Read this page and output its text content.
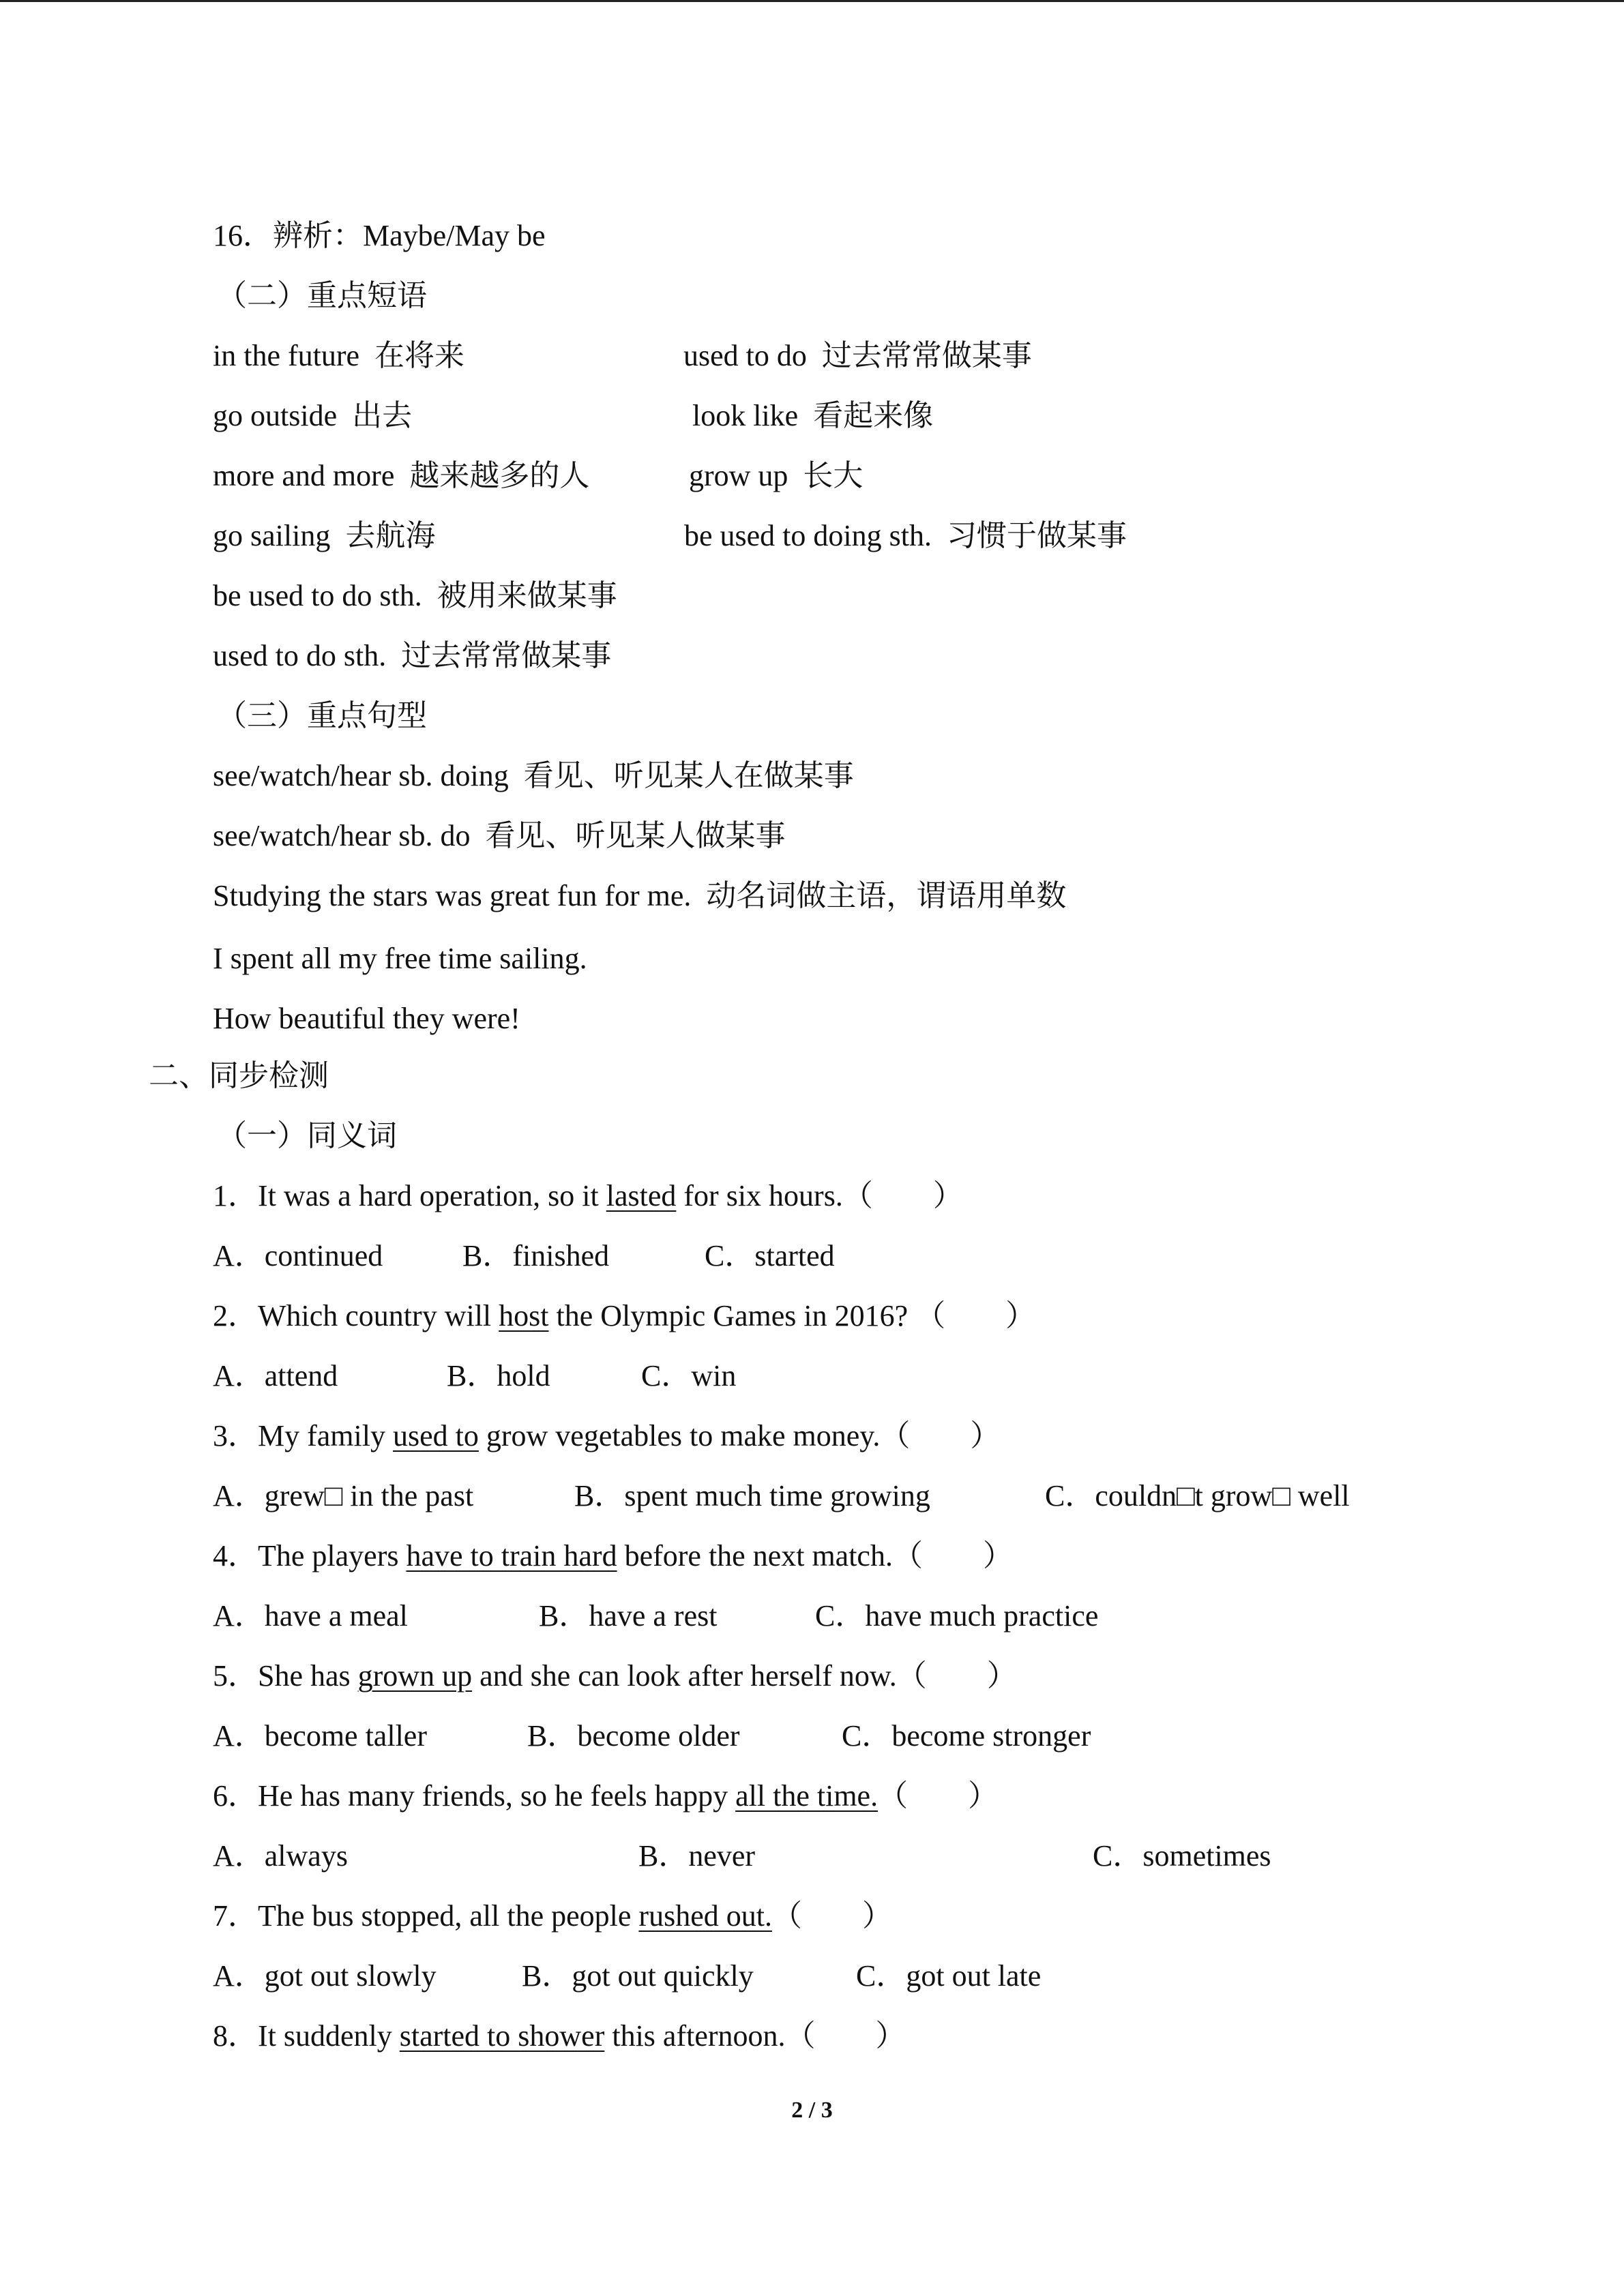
16．辨析：Maybe/May be
（二）重点短语
in the future  在将来	used to do  过去常常做某事
go outside  出去	look like  看起来像
more and more  越来越多的人	grow up  长大
go sailing  去航海	be used to doing sth.  习惯于做某事
be used to do sth.  被用来做某事
used to do sth.  过去常常做某事
（三）重点句型
see/watch/hear sb. doing  看见、听见某人在做某事
see/watch/hear sb. do  看见、听见某人做某事
Studying the stars was great fun for me.  动名词做主语，谓语用单数
I spent all my free time sailing.
How beautiful they were!
二、同步检测
（一）同义词
1．It was a hard operation, so it lasted for six hours.（　　）
A．continued	B．finished	C．started
2．Which country will host the Olympic Games in 2016? （　　）
A．attend	B．hold	C．win
3．My family used to grow vegetables to make money.（　　）
A．grew□ in the past	B．spent much time growing	C．couldn□t grow□ well
4．The players have to train hard before the next match.（　　）
A．have a meal	B．have a rest	C．have much practice
5．She has grown up and she can look after herself now.（　　）
A．become taller	B．become older	C．become stronger
6．He has many friends, so he feels happy all the time.（　　）
A．always	B．never	C．sometimes
7．The bus stopped, all the people rushed out.（　　）
A．got out slowly	B．got out quickly	C．got out late
8．It suddenly started to shower this afternoon.（　　）
2 / 3
